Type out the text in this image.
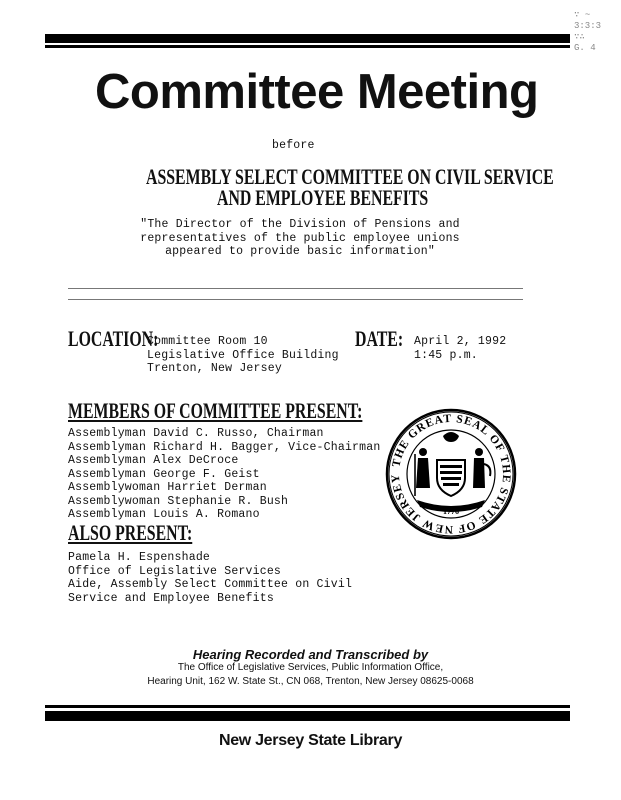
∵ ~
3:3:3
∵∴
G. 4
Committee Meeting
before
ASSEMBLY SELECT COMMITTEE ON CIVIL SERVICE
AND EMPLOYEE BENEFITS
"The Director of the Division of Pensions and
representatives of the public employee unions
appeared to provide basic information"
LOCATION:
Committee Room 10
Legislative Office Building
Trenton, New Jersey
DATE: April 2, 1992
1:45 p.m.
MEMBERS OF COMMITTEE PRESENT:
Assemblyman David C. Russo, Chairman
Assemblyman Richard H. Bagger, Vice-Chairman
Assemblyman Alex DeCroce
Assemblyman George F. Geist
Assemblywoman Harriet Derman
Assemblywoman Stephanie R. Bush
Assemblyman Louis A. Romano
THE GREAT SEAL OF THE STATE OF NEW JERSEY
1776
ALSO PRESENT:
Pamela H. Espenshade
Office of Legislative Services
Aide, Assembly Select Committee on Civil
Service and Employee Benefits
Hearing Recorded and Transcribed by
The Office of Legislative Services, Public Information Office,
Hearing Unit, 162 W. State St., CN 068, Trenton, New Jersey 08625-0068
New Jersey State Library
